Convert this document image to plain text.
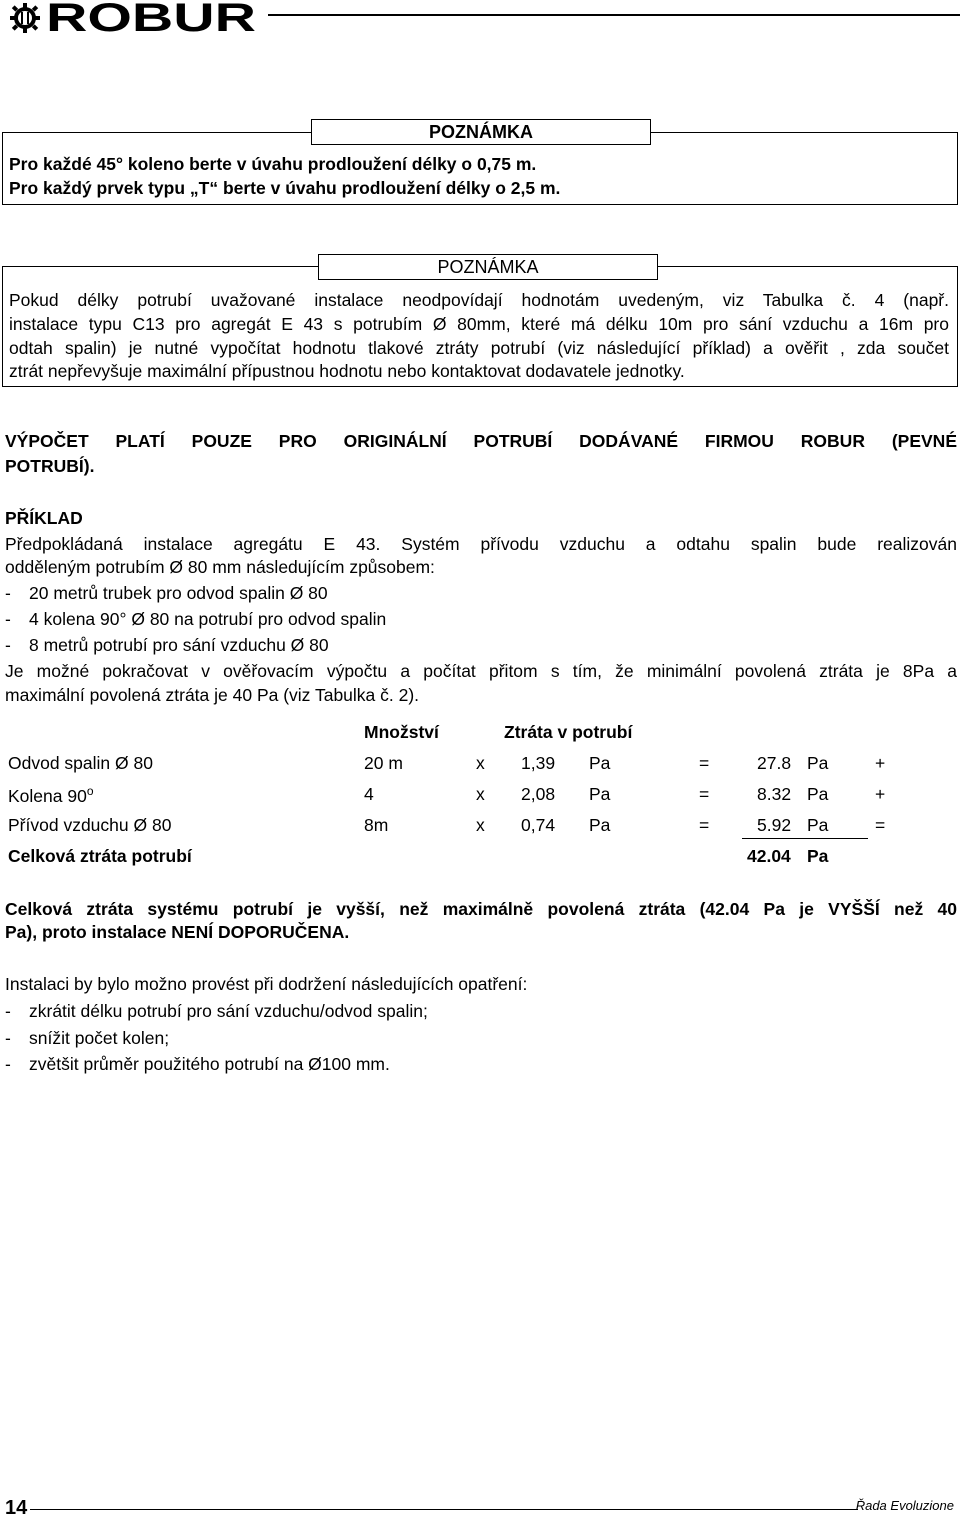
ROBUR
POZNÁMKA
Pro každé 45° koleno berte v úvahu prodloužení délky o 0,75 m.
Pro každý prvek typu „T“ berte v úvahu prodloužení délky o 2,5 m.
POZNÁMKA
Pokud délky potrubí uvažované instalace neodpovídají hodnotám uvedeným, viz Tabulka č. 4 (např.
instalace typu C13 pro agregát E 43 s potrubím Ø 80mm, které má délku 10m pro sání vzduchu a 16m pro
odtah spalin) je nutné vypočítat hodnotu tlakové ztráty potrubí (viz následující příklad) a ověřit , zda součet
ztrát nepřevyšuje maximální přípustnou hodnotu nebo kontaktovat dodavatele jednotky.
VÝPOČET PLATÍ POUZE PRO ORIGINÁLNÍ POTRUBÍ DODÁVANÉ FIRMOU ROBUR (PEVNÉ
POTRUBÍ).
PŘÍKLAD
Předpokládaná instalace agregátu E 43. Systém přívodu vzduchu a odtahu spalin bude realizován
odděleným potrubím Ø 80 mm následujícím způsobem:
- 20 metrů trubek pro odvod spalin Ø 80
- 4 kolena 90° Ø 80 na potrubí pro odvod spalin
- 8 metrů potrubí pro sání vzduchu Ø 80
Je možné pokračovat v ověřovacím výpočtu a počítat přitom s tím, že minimální povolená ztráta je 8Pa a
maximální povolená ztráta je 40 Pa (viz Tabulka č. 2).
Množství	Ztráta v potrubí
Odvod spalin Ø 80	20 m	x 1,39 Pa	=	27.8 Pa	+
Kolena 90$^o$	4	x 2,08 Pa	=	8.32 Pa	+
Přívod vzduchu Ø 80	8m	x 0,74 Pa	=	5.92 Pa	=
Celková ztráta potrubí	42.04 Pa
Celková ztráta systému potrubí je vyšší, než maximálně povolená ztráta (42.04 Pa je VYŠŠÍ než 40
Pa), proto instalace NENÍ DOPORUČENA.
Instalaci by bylo možno provést při dodržení následujících opatření:
- zkrátit délku potrubí pro sání vzduchu/odvod spalin;
- snížit počet kolen;
- zvětšit průměr použitého potrubí na Ø100 mm.
14	Řada Evoluzione
